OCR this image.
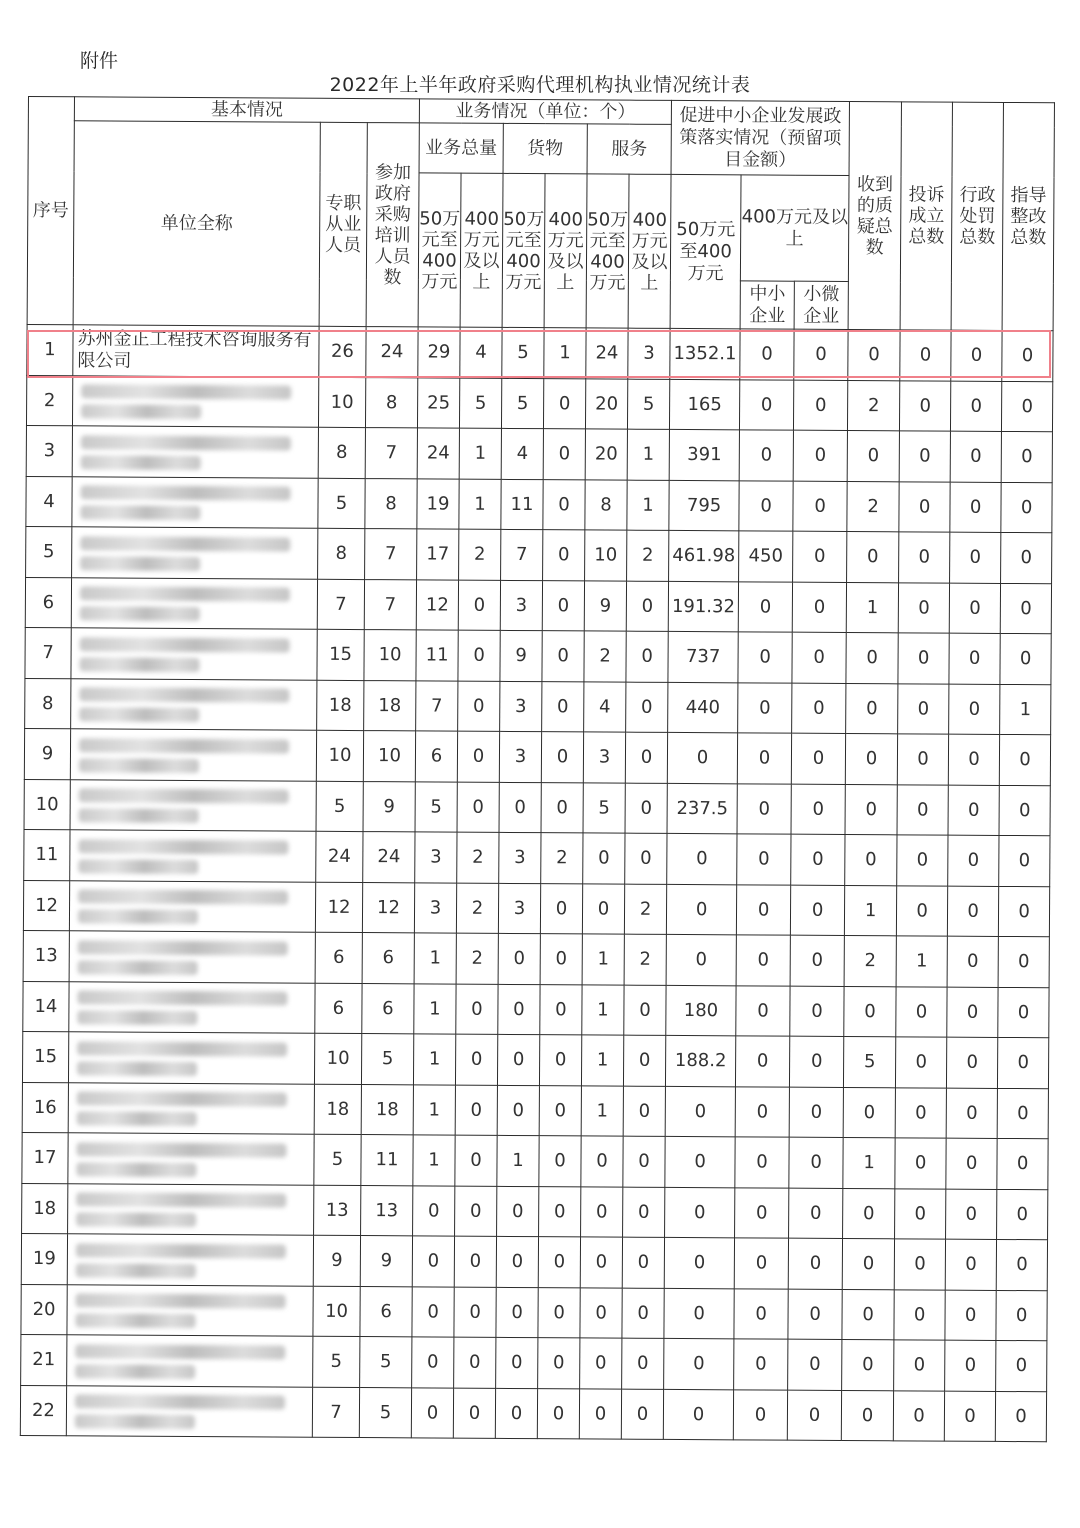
附件
2022年上半年政府采购代理机构执业情况统计表
序号	基本情况			业务情况（单位：个）						促进中小企业发展政策落实情况（预留项目金额）			收到的质疑总数	投诉成立总数	行政处罚总数	指导整改总数
	单位全称	专职从业人员	参加政府采购培训人员数	业务总量		货物		服务								
				50万元至400万元	400万元及以上	50万元至400万元	400万元及以上	50万元至400万元	400万元及以上	50万元至400万元	400万元及以上					
											中小企业	小微企业				
1	苏州金正工程技术咨询服务有限公司	26	24	29	4	5	1	24	3	1352.1	0	0	0	0	0	0
2		10	8	25	5	5	0	20	5	165	0	0	2	0	0	0
3		8	7	24	1	4	0	20	1	391	0	0	0	0	0	0
4		5	8	19	1	11	0	8	1	795	0	0	2	0	0	0
5		8	7	17	2	7	0	10	2	461.98	450	0	0	0	0	0
6		7	7	12	0	3	0	9	0	191.32	0	0	1	0	0	0
7		15	10	11	0	9	0	2	0	737	0	0	0	0	0	0
8		18	18	7	0	3	0	4	0	440	0	0	0	0	0	1
9		10	10	6	0	3	0	3	0	0	0	0	0	0	0	0
10		5	9	5	0	0	0	5	0	237.5	0	0	0	0	0	0
11		24	24	3	2	3	2	0	0	0	0	0	0	0	0	0
12		12	12	3	2	3	0	0	2	0	0	0	1	0	0	0
13		6	6	1	2	0	0	1	2	0	0	0	2	1	0	0
14		6	6	1	0	0	0	1	0	180	0	0	0	0	0	0
15		10	5	1	0	0	0	1	0	188.2	0	0	5	0	0	0
16		18	18	1	0	0	0	1	0	0	0	0	0	0	0	0
17		5	11	1	0	1	0	0	0	0	0	0	1	0	0	0
18		13	13	0	0	0	0	0	0	0	0	0	0	0	0	0
19		9	9	0	0	0	0	0	0	0	0	0	0	0	0	0
20		10	6	0	0	0	0	0	0	0	0	0	0	0	0	0
21		5	5	0	0	0	0	0	0	0	0	0	0	0	0	0
22		7	5	0	0	0	0	0	0	0	0	0	0	0	0	0
